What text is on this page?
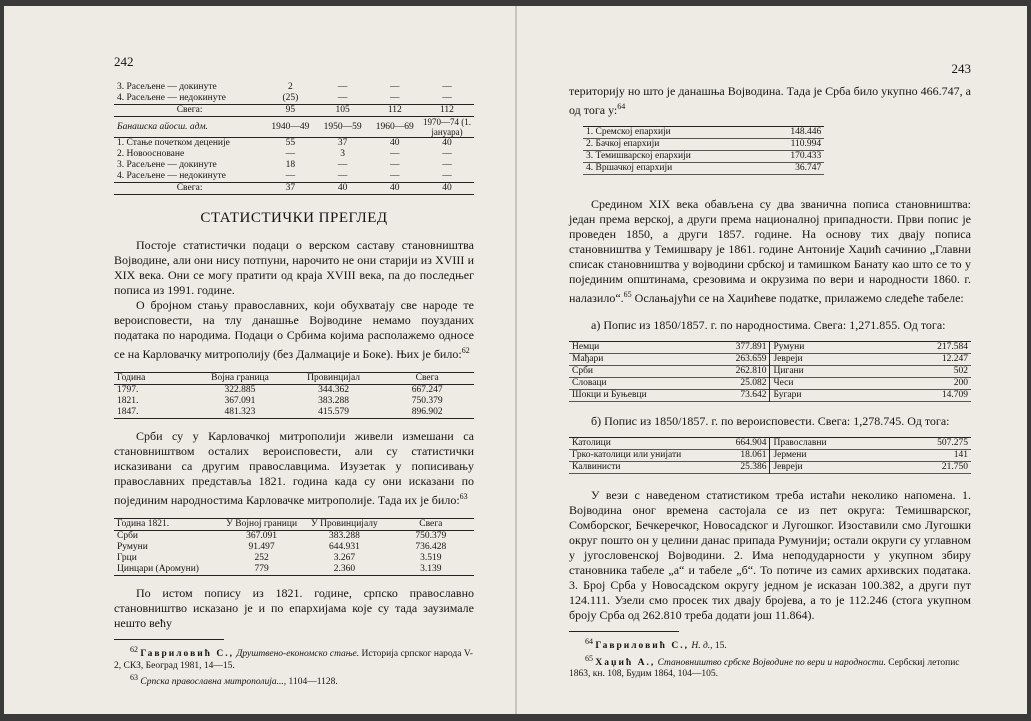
242
3. Расељене — докинуте	2	—	—	—
4. Расељене — недокинуте	(25)	—	—	—
Свега:	95	105	112	112
Банашска айосш. адм.	1940—49	1950—59	1960—69	1970—74 (1. јануара)
1. Стање почетком деценије	55	37	40	40
2. Новоосноване	—	3	—	—
3. Расељене — докинуте	18	—	—	—
4. Расељене — недокинуте	—	—	—	—
Свега:	37	40	40	40
СТАТИСТИЧКИ ПРЕГЛЕД

Постоје статистички подаци о верском саставу становништва Војводине, али они нису потпуни, нарочито не они старији из XVIII и XIX века. Они се могу пратити од краја XVIII века, па до последњег пописа из 1991. године.

О бројном стању православних, који обухватају све народе те вероисповести, на тлу данашње Војводине немамо поузданих података по народима. Подаци о Србима којима располажемо односе се на Карловачку митрополију (без Далмације и Боке). Њих је било:$^{62}$

Година	Војна граница	Провинцијал	Свега
1797.	322.885	344.362	667.247
1821.	367.091	383.288	750.379
1847.	481.323	415.579	896.902

Срби су у Карловачкој митрополији живели измешани са становништвом осталих вероисповести, али су статистички исказивани са другим православцима. Изузетак у пописивању православних представља 1821. година када су они исказани по појединим народностима Карловачке митрополије. Тада их је било:$^{63}$

Година 1821.	У Војној граници	У Провинцијалу	Свега
Срби	367.091	383.288	750.379
Румуни	91.497	644.931	736.428
Грци	252	3.267	3.519
Цинцари (Аромуни)	779	2.360	3.139

По истом попису из 1821. године, српско православно становништво исказано је и по епархијама које су тада заузимале нешто већу

$^{62}$ Гавриловић С., Друштвено-економско стање. Историја српског народа V-2, СКЗ, Београд 1981, 14—15.
$^{63}$ Српска православна митрополија..., 1104—1128.
243

територију но што је данашња Војводина. Тада је Срба било укупно 466.747, а од тога у:$^{64}$

1. Сремској епархији	148.446
2. Бачкој епархији	110.994
3. Темишварској епархији	170.433
4. Вршачкој епархији	36.747

Средином XIX века обављена су два званична пописа становништва: један према верској, а други према националној припадности. Први попис је проведен 1850, а други 1857. године. На основу тих двају пописа становништва у Темишвару је 1861. године Антоније Хаџић сачинио „Главни списак становништва у војводини србској и тамишком Банату као што се то у појединим општинама, срезовима и окрузима по вери и народности 1860. г. налазило“.$^{65}$ Ослањајући се на Хаџићеве податке, прилажемо следеће табеле:

а) Попис из 1850/1857. г. по народностима. Свега: 1,271.855. Од тога:

Немци	377.891	Румуни	217.584
Мађари	263.659	Јевреји	12.247
Срби	262.810	Цигани	502
Словаци	25.082	Чеси	200
Шокци и Буњевци	73.642	Бугари	14.709

б) Попис из 1850/1857. г. по вероисповести. Свега: 1,278.745. Од тога:

Католици	664.904	Православни	507.275
Грко-католици или унијати	18.061	Јермени	141
Калвинисти	25.386	Јевреји	21.750

У вези с наведеном статистиком треба истаћи неколико напомена. 1. Војводина оног времена састојала се из пет округа: Темишварског, Сомборског, Бечкеречког, Новосадског и Лугошког. Изоставили смо Лугошки округ пошто он у целини данас припада Румунији; остали округи су углавном у југословенској Војводини. 2. Има неподударности у укупном збиру становника табеле „а“ и табеле „б“. То потиче из самих архивских података. 3. Број Срба у Новосадском округу једном је исказан 100.382, а други пут 124.111. Узели смо просек тих двају бројева, а то је 112.246 (стога укупном броју Срба од 262.810 треба додати још 11.864).

$^{64}$ Гавриловић С., Н. д., 15.
$^{65}$ Хаџић А., Становништво србске Војводине по вери и народности. Сербскиј летопис 1863, кн. 108, Будим 1864, 104—105.
